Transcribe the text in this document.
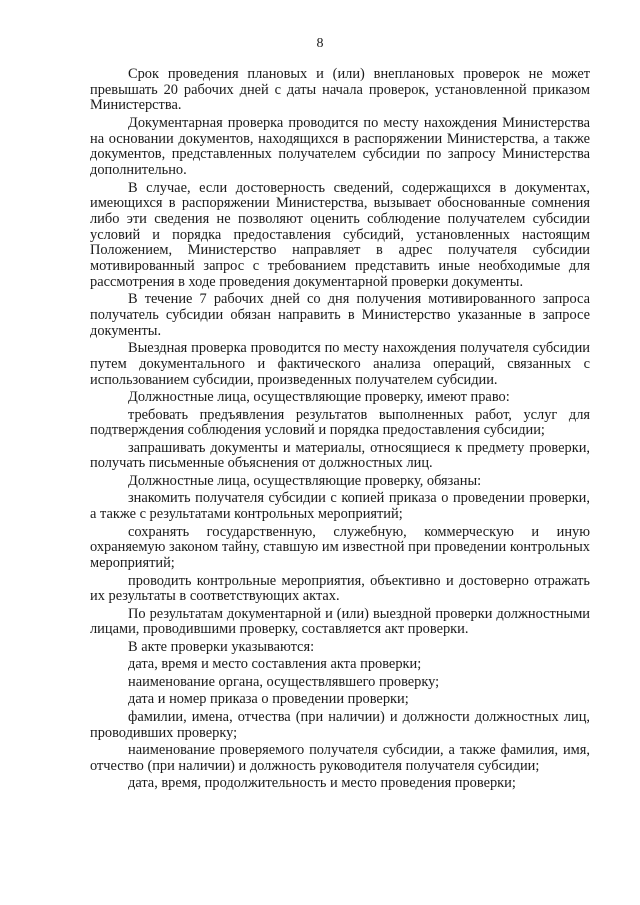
8

Срок проведения плановых и (или) внеплановых проверок не может превышать 20 рабочих дней с даты начала проверок, установленной приказом Министерства.

Документарная проверка проводится по месту нахождения Министерства на основании документов, находящихся в распоряжении Министерства, а также документов, представленных получателем субсидии по запросу Министерства дополнительно.

В случае, если достоверность сведений, содержащихся в документах, имеющихся в распоряжении Министерства, вызывает обоснованные сомнения либо эти сведения не позволяют оценить соблюдение получателем субсидии условий и порядка предоставления субсидий, установленных настоящим Положением, Министерство направляет в адрес получателя субсидии мотивированный запрос с требованием представить иные необходимые для рассмотрения в ходе проведения документарной проверки документы.

В течение 7 рабочих дней со дня получения мотивированного запроса получатель субсидии обязан направить в Министерство указанные в запросе документы.

Выездная проверка проводится по месту нахождения получателя субсидии путем документального и фактического анализа операций, связанных с использованием субсидии, произведенных получателем субсидии.

Должностные лица, осуществляющие проверку, имеют право:

требовать предъявления результатов выполненных работ, услуг для подтверждения соблюдения условий и порядка предоставления субсидии;

запрашивать документы и материалы, относящиеся к предмету проверки, получать письменные объяснения от должностных лиц.

Должностные лица, осуществляющие проверку, обязаны:

знакомить получателя субсидии с копией приказа о проведении проверки, а также с результатами контрольных мероприятий;

сохранять государственную, служебную, коммерческую и иную охраняемую законом тайну, ставшую им известной при проведении контрольных мероприятий;

проводить контрольные мероприятия, объективно и достоверно отражать их результаты в соответствующих актах.

По результатам документарной и (или) выездной проверки должностными лицами, проводившими проверку, составляется акт проверки.

В акте проверки указываются:

дата, время и место составления акта проверки;

наименование органа, осуществлявшего проверку;

дата и номер приказа о проведении проверки;

фамилии, имена, отчества (при наличии) и должности должностных лиц, проводивших проверку;

наименование проверяемого получателя субсидии, а также фамилия, имя, отчество (при наличии) и должность руководителя получателя субсидии;

дата, время, продолжительность и место проведения проверки;
